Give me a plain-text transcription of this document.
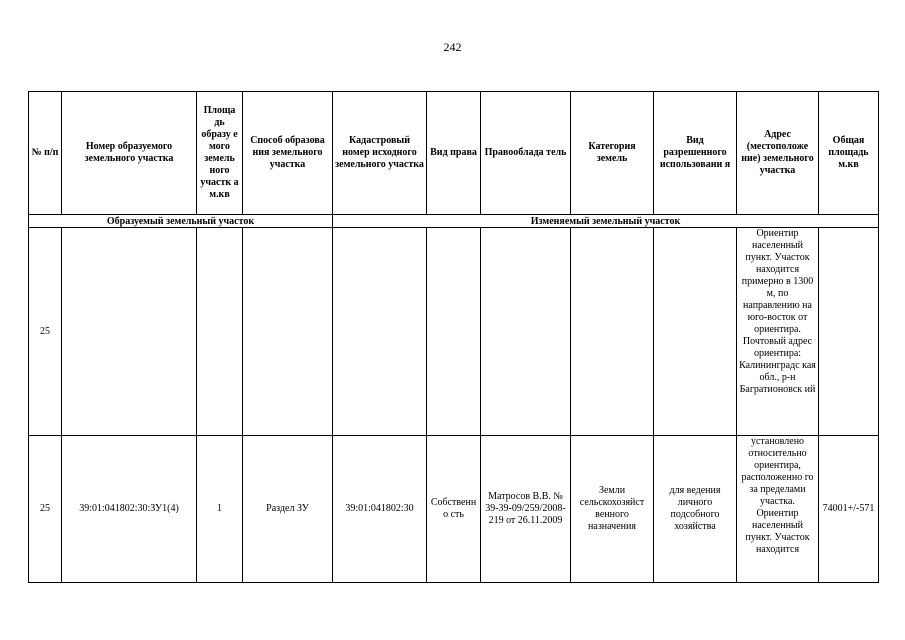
242
№ п/п	Номер образуемого земельного участка	Площа дь образу е мого земель ного участк а м.кв	Способ образова ния земельного участка	Кадастровый номер исходного земельного участка	Вид права	Правооблада тель	Категория земель	Вид разрешенного использовани я	Адрес (местоположе ние) земельного участка	Общая площадь м.кв
Образуемый земельный участок				Изменяемый земельный участок						
25									Ориентир населенный пункт. Участок находится примерно в 1300 м, по направлению на юго-восток от ориентира. Почтовый адрес ориентира: Калининградс кая обл., р-н Багратионовск ий	
25	39:01:041802:30:ЗУ1(4)	1	Раздел ЗУ	39:01:041802:30	Собственно сть	Матросов В.В. № 39-39-09/259/2008-219 от 26.11.2009	Земли сельскохозяйст венного назначения	для ведения личного подсобного хозяйства	установлено относительно ориентира, расположенно го за пределами участка. Ориентир населенный пункт. Участок находится	74001+/-571
